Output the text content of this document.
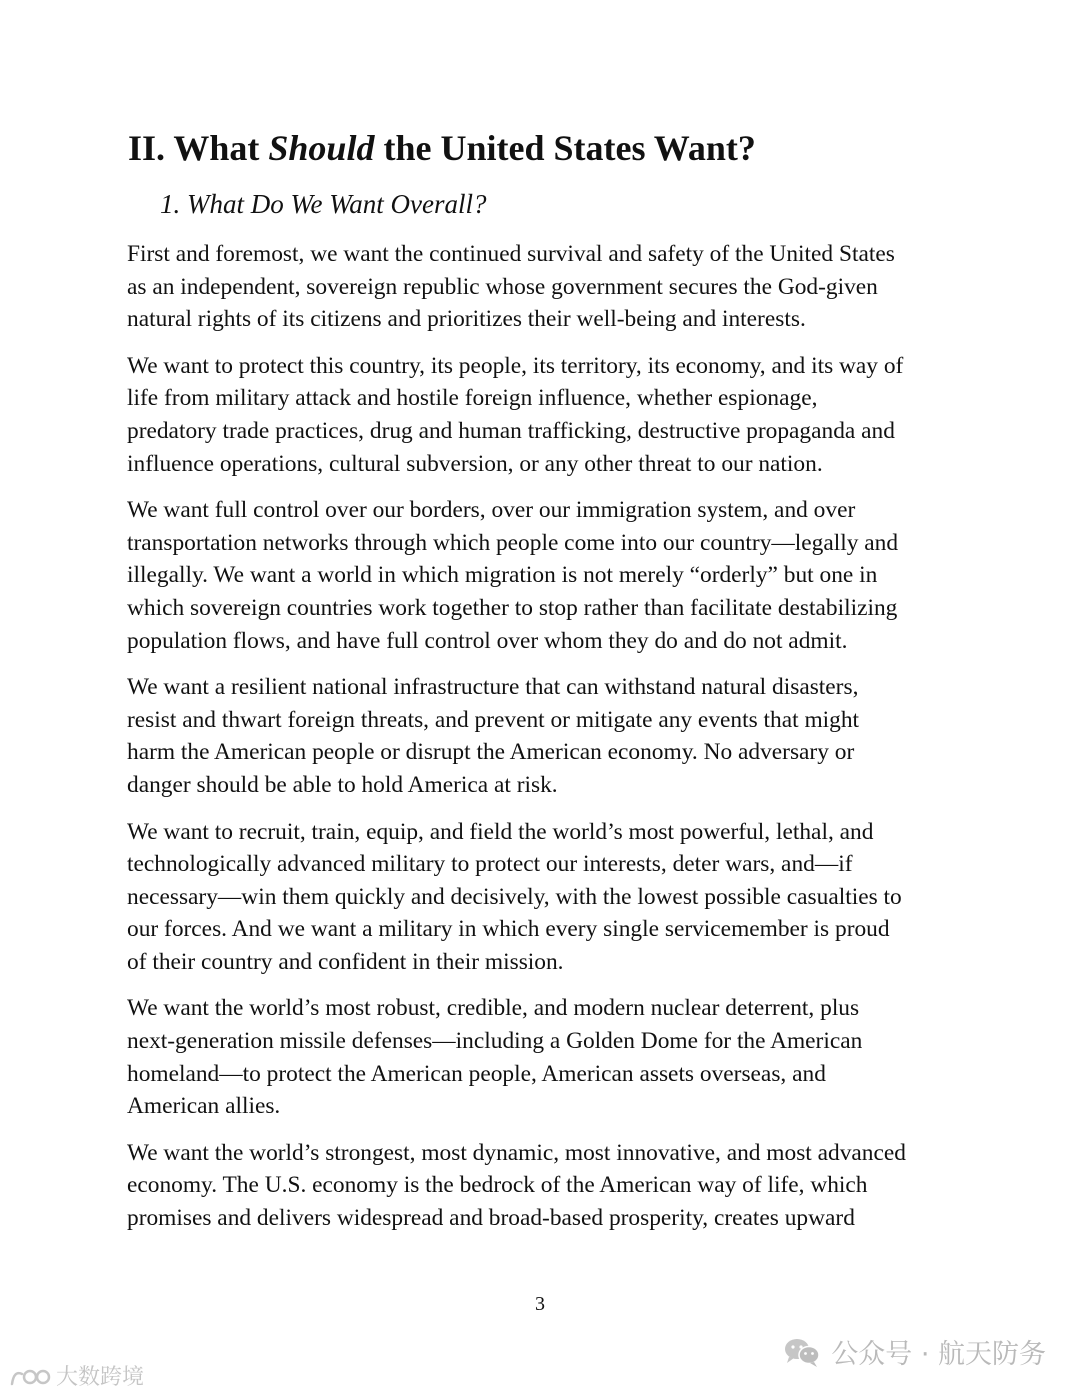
II. What Should the United States Want?
1. What Do We Want Overall?

First and foremost, we want the continued survival and safety of the United States
as an independent, sovereign republic whose government secures the God-given
natural rights of its citizens and prioritizes their well-being and interests.

We want to protect this country, its people, its territory, its economy, and its way of
life from military attack and hostile foreign influence, whether espionage,
predatory trade practices, drug and human trafficking, destructive propaganda and
influence operations, cultural subversion, or any other threat to our nation.

We want full control over our borders, over our immigration system, and over
transportation networks through which people come into our country—legally and
illegally. We want a world in which migration is not merely “orderly” but one in
which sovereign countries work together to stop rather than facilitate destabilizing
population flows, and have full control over whom they do and do not admit.

We want a resilient national infrastructure that can withstand natural disasters,
resist and thwart foreign threats, and prevent or mitigate any events that might
harm the American people or disrupt the American economy. No adversary or
danger should be able to hold America at risk.

We want to recruit, train, equip, and field the world’s most powerful, lethal, and
technologically advanced military to protect our interests, deter wars, and—if
necessary—win them quickly and decisively, with the lowest possible casualties to
our forces. And we want a military in which every single servicemember is proud
of their country and confident in their mission.

We want the world’s most robust, credible, and modern nuclear deterrent, plus
next-generation missile defenses—including a Golden Dome for the American
homeland—to protect the American people, American assets overseas, and
American allies.

We want the world’s strongest, most dynamic, most innovative, and most advanced
economy. The U.S. economy is the bedrock of the American way of life, which
promises and delivers widespread and broad-based prosperity, creates upward

3
公众号 · 航天防务
大数跨境
